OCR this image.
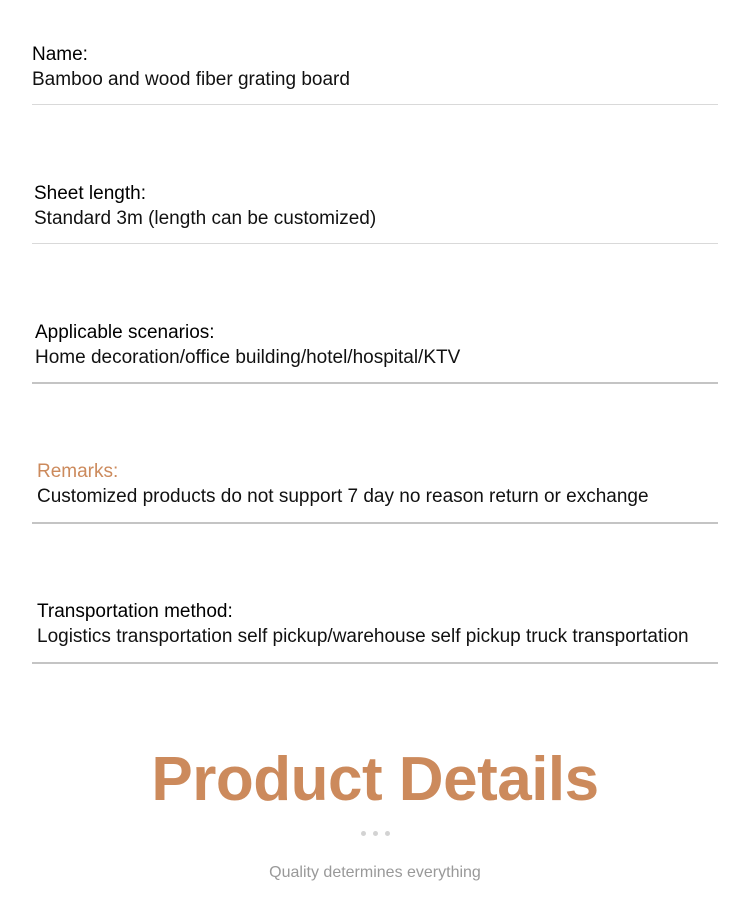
Name:
Bamboo and wood fiber grating board
Sheet length:
Standard 3m (length can be customized)
Applicable scenarios:
Home decoration/office building/hotel/hospital/KTV
Remarks:
Customized products do not support 7 day no reason return or exchange
Transportation method:
Logistics transportation self pickup/warehouse self pickup truck transportation
Product Details
Quality determines everything
